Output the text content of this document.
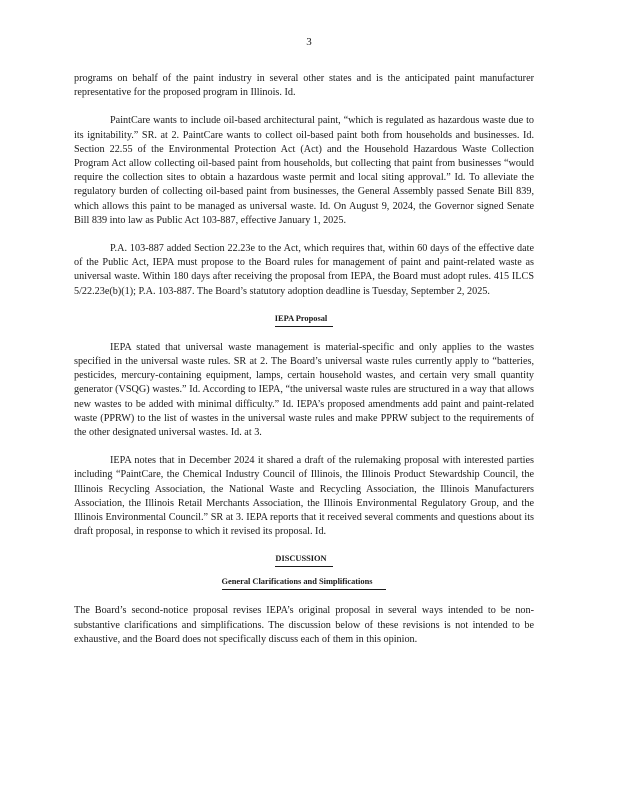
3

programs on behalf of the paint industry in several other states and is the anticipated paint manufacturer representative for the proposed program in Illinois. Id.

PaintCare wants to include oil-based architectural paint, “which is regulated as hazardous waste due to its ignitability.” SR. at 2. PaintCare wants to collect oil-based paint both from households and businesses. Id. Section 22.55 of the Environmental Protection Act (Act) and the Household Hazardous Waste Collection Program Act allow collecting oil-based paint from households, but collecting that paint from businesses “would require the collection sites to obtain a hazardous waste permit and local siting approval.” Id. To alleviate the regulatory burden of collecting oil-based paint from businesses, the General Assembly passed Senate Bill 839, which allows this paint to be managed as universal waste. Id. On August 9, 2024, the Governor signed Senate Bill 839 into law as Public Act 103-887, effective January 1, 2025.

P.A. 103-887 added Section 22.23e to the Act, which requires that, within 60 days of the effective date of the Public Act, IEPA must propose to the Board rules for management of paint and paint-related waste as universal waste. Within 180 days after receiving the proposal from IEPA, the Board must adopt rules. 415 ILCS 5/22.23e(b)(1); P.A. 103-887. The Board’s statutory adoption deadline is Tuesday, September 2, 2025.

IEPA Proposal

IEPA stated that universal waste management is material-specific and only applies to the wastes specified in the universal waste rules. SR at 2. The Board’s universal waste rules currently apply to “batteries, pesticides, mercury-containing equipment, lamps, certain household wastes, and certain very small quantity generator (VSQG) wastes.” Id. According to IEPA, “the universal waste rules are structured in a way that allows new wastes to be added with minimal difficulty.” Id. IEPA’s proposed amendments add paint and paint-related waste (PPRW) to the list of wastes in the universal waste rules and make PPRW subject to the requirements of the other designated universal wastes. Id. at 3.

IEPA notes that in December 2024 it shared a draft of the rulemaking proposal with interested parties including “PaintCare, the Chemical Industry Council of Illinois, the Illinois Product Stewardship Council, the Illinois Recycling Association, the National Waste and Recycling Association, the Illinois Manufacturers Association, the Illinois Retail Merchants Association, the Illinois Environmental Regulatory Group, and the Illinois Environmental Council.” SR at 3. IEPA reports that it received several comments and questions about its draft proposal, in response to which it revised its proposal. Id.

DISCUSSION
General Clarifications and Simplifications

The Board’s second-notice proposal revises IEPA’s original proposal in several ways intended to be non-substantive clarifications and simplifications. The discussion below of these revisions is not intended to be exhaustive, and the Board does not specifically discuss each of them in this opinion.
